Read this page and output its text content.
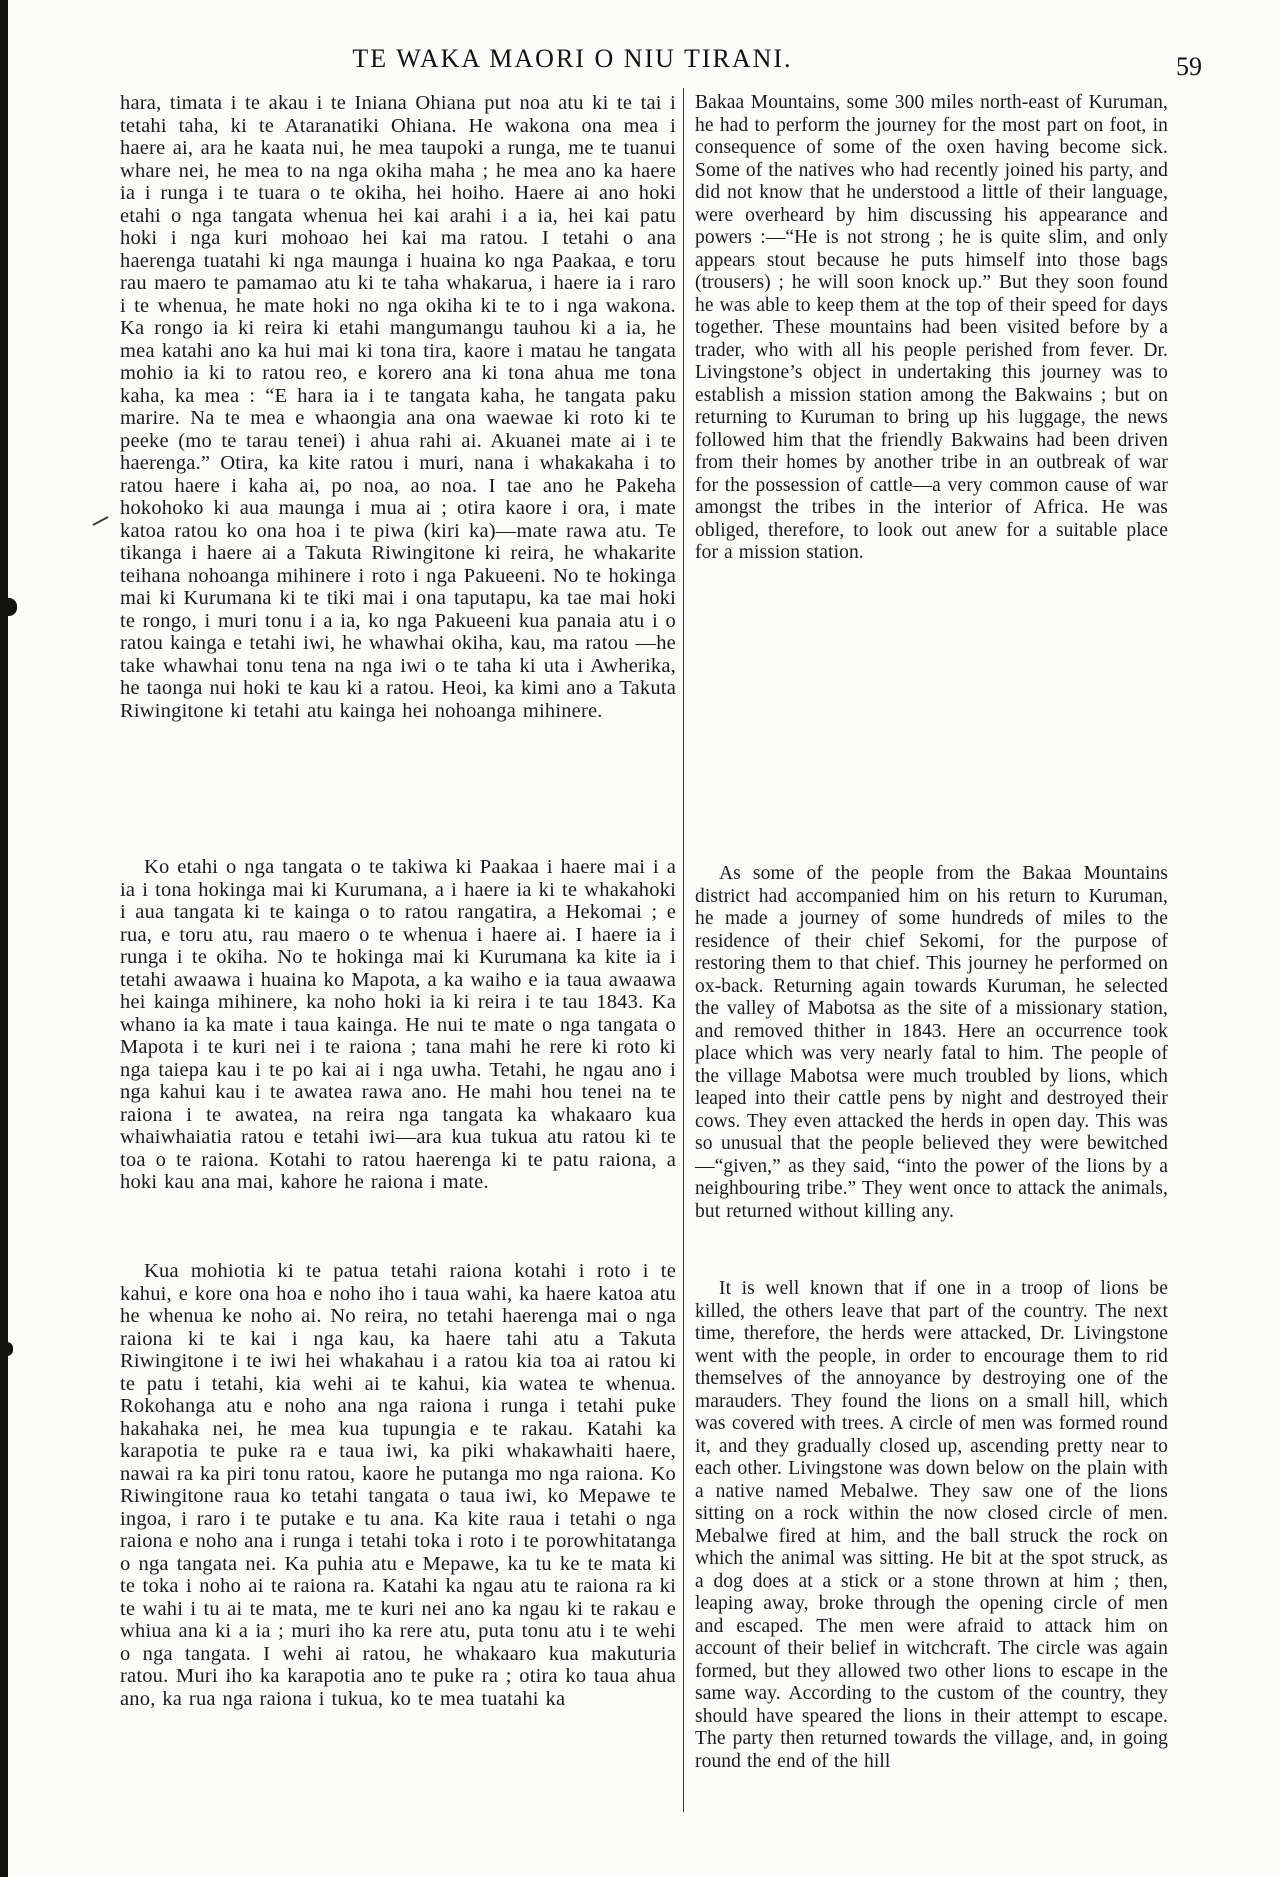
TE WAKA MAORI O NIU TIRANI.	59

hara, timata i te akau i te Iniana Ohiana put noa atu ki te tai i tetahi taha, ki te Ataranatiki Ohiana. He wakona ona mea i haere ai, ara he kaata nui, he mea taupoki a runga, me te tuanui whare nei, he mea to na nga okiha maha ; he mea ano ka haere ia i runga i te tuara o te okiha, hei hoiho. Haere ai ano hoki etahi o nga tangata whenua hei kai arahi i a ia, hei kai patu hoki i nga kuri mohoao hei kai ma ratou. I tetahi o ana haerenga tuatahi ki nga maunga i huaina ko nga Paakaa, e toru rau maero te pamamao atu ki te taha whakarua, i haere ia i raro i te whenua, he mate hoki no nga okiha ki te to i nga wakona. Ka rongo ia ki reira ki etahi mangumangu tauhou ki a ia, he mea katahi ano ka hui mai ki tona tira, kaore i matau he tangata mohio ia ki to ratou reo, e korero ana ki tona ahua me tona kaha, ka mea : “E hara ia i te tangata kaha, he tangata paku marire. Na te mea e whaongia ana ona waewae ki roto ki te peeke (mo te tarau tenei) i ahua rahi ai. Akuanei mate ai i te haerenga.” Otira, ka kite ratou i muri, nana i whakakaha i to ratou haere i kaha ai, po noa, ao noa. I tae ano he Pakeha hokohoko ki aua maunga i mua ai ; otira kaore i ora, i mate katoa ratou ko ona hoa i te piwa (kiri ka)—mate rawa atu. Te tikanga i haere ai a Takuta Riwingitone ki reira, he whakarite teihana nohoanga mihinere i roto i nga Pakueeni. No te hokinga mai ki Kurumana ki te tiki mai i ona taputapu, ka tae mai hoki te rongo, i muri tonu i a ia, ko nga Pakueeni kua panaia atu i o ratou kainga e tetahi iwi, he whawhai okiha, kau, ma ratou —he take whawhai tonu tena na nga iwi o te taha ki uta i Awherika, he taonga nui hoki te kau ki a ratou. Heoi, ka kimi ano a Takuta Riwingitone ki tetahi atu kainga hei nohoanga mihinere.

Ko etahi o nga tangata o te takiwa ki Paakaa i haere mai i a ia i tona hokinga mai ki Kurumana, a i haere ia ki te whakahoki i aua tangata ki te kainga o to ratou rangatira, a Hekomai ; e rua, e toru atu, rau maero o te whenua i haere ai. I haere ia i runga i te okiha. No te hokinga mai ki Kurumana ka kite ia i tetahi awaawa i huaina ko Mapota, a ka waiho e ia taua awaawa hei kainga mihinere, ka noho hoki ia ki reira i te tau 1843. Ka whano ia ka mate i taua kainga. He nui te mate o nga tangata o Mapota i te kuri nei i te raiona ; tana mahi he rere ki roto ki nga taiepa kau i te po kai ai i nga uwha. Tetahi, he ngau ano i nga kahui kau i te awatea rawa ano. He mahi hou tenei na te raiona i te awatea, na reira nga tangata ka whakaaro kua whaiwhaiatia ratou e tetahi iwi—ara kua tukua atu ratou ki te toa o te raiona. Kotahi to ratou haerenga ki te patu raiona, a hoki kau ana mai, kahore he raiona i mate.

Kua mohiotia ki te patua tetahi raiona kotahi i roto i te kahui, e kore ona hoa e noho iho i taua wahi, ka haere katoa atu he whenua ke noho ai. No reira, no tetahi haerenga mai o nga raiona ki te kai i nga kau, ka haere tahi atu a Takuta Riwingitone i te iwi hei whakahau i a ratou kia toa ai ratou ki te patu i tetahi, kia wehi ai te kahui, kia watea te whenua. Rokohanga atu e noho ana nga raiona i runga i tetahi puke hakahaka nei, he mea kua tupungia e te rakau. Katahi ka karapotia te puke ra e taua iwi, ka piki whakawhaiti haere, nawai ra ka piri tonu ratou, kaore he putanga mo nga raiona. Ko Riwingitone raua ko tetahi tangata o taua iwi, ko Mepawe te ingoa, i raro i te putake e tu ana. Ka kite raua i tetahi o nga raiona e noho ana i runga i tetahi toka i roto i te porowhitatanga o nga tangata nei. Ka puhia atu e Mepawe, ka tu ke te mata ki te toka i noho ai te raiona ra. Katahi ka ngau atu te raiona ra ki te wahi i tu ai te mata, me te kuri nei ano ka ngau ki te rakau e whiua ana ki a ia ; muri iho ka rere atu, puta tonu atu i te wehi o nga tangata. I wehi ai ratou, he whakaaro kua makuturia ratou. Muri iho ka karapotia ano te puke ra ; otira ko taua ahua ano, ka rua nga raiona i tukua, ko te mea tuatahi ka

Bakaa Mountains, some 300 miles north-east of Kuruman, he had to perform the journey for the most part on foot, in consequence of some of the oxen having become sick. Some of the natives who had recently joined his party, and did not know that he understood a little of their language, were overheard by him discussing his appearance and powers :—“He is not strong ; he is quite slim, and only appears stout because he puts himself into those bags (trousers) ; he will soon knock up.” But they soon found he was able to keep them at the top of their speed for days together. These mountains had been visited before by a trader, who with all his people perished from fever. Dr. Livingstone’s object in undertaking this journey was to establish a mission station among the Bakwains ; but on returning to Kuruman to bring up his luggage, the news followed him that the friendly Bakwains had been driven from their homes by another tribe in an outbreak of war for the possession of cattle—a very common cause of war amongst the tribes in the interior of Africa. He was obliged, therefore, to look out anew for a suitable place for a mission station.

As some of the people from the Bakaa Mountains district had accompanied him on his return to Kuruman, he made a journey of some hundreds of miles to the residence of their chief Sekomi, for the purpose of restoring them to that chief. This journey he performed on ox-back. Returning again towards Kuruman, he selected the valley of Mabotsa as the site of a missionary station, and removed thither in 1843. Here an occurrence took place which was very nearly fatal to him. The people of the village Mabotsa were much troubled by lions, which leaped into their cattle pens by night and destroyed their cows. They even attacked the herds in open day. This was so unusual that the people believed they were bewitched —“given,” as they said, “into the power of the lions by a neighbouring tribe.” They went once to attack the animals, but returned without killing any.

It is well known that if one in a troop of lions be killed, the others leave that part of the country. The next time, therefore, the herds were attacked, Dr. Livingstone went with the people, in order to encourage them to rid themselves of the annoyance by destroying one of the marauders. They found the lions on a small hill, which was covered with trees. A circle of men was formed round it, and they gradually closed up, ascending pretty near to each other. Livingstone was down below on the plain with a native named Mebalwe. They saw one of the lions sitting on a rock within the now closed circle of men. Mebalwe fired at him, and the ball struck the rock on which the animal was sitting. He bit at the spot struck, as a dog does at a stick or a stone thrown at him ; then, leaping away, broke through the opening circle of men and escaped. The men were afraid to attack him on account of their belief in witchcraft. The circle was again formed, but they allowed two other lions to escape in the same way. According to the custom of the country, they should have speared the lions in their attempt to escape. The party then returned towards the village, and, in going round the end of the hill
